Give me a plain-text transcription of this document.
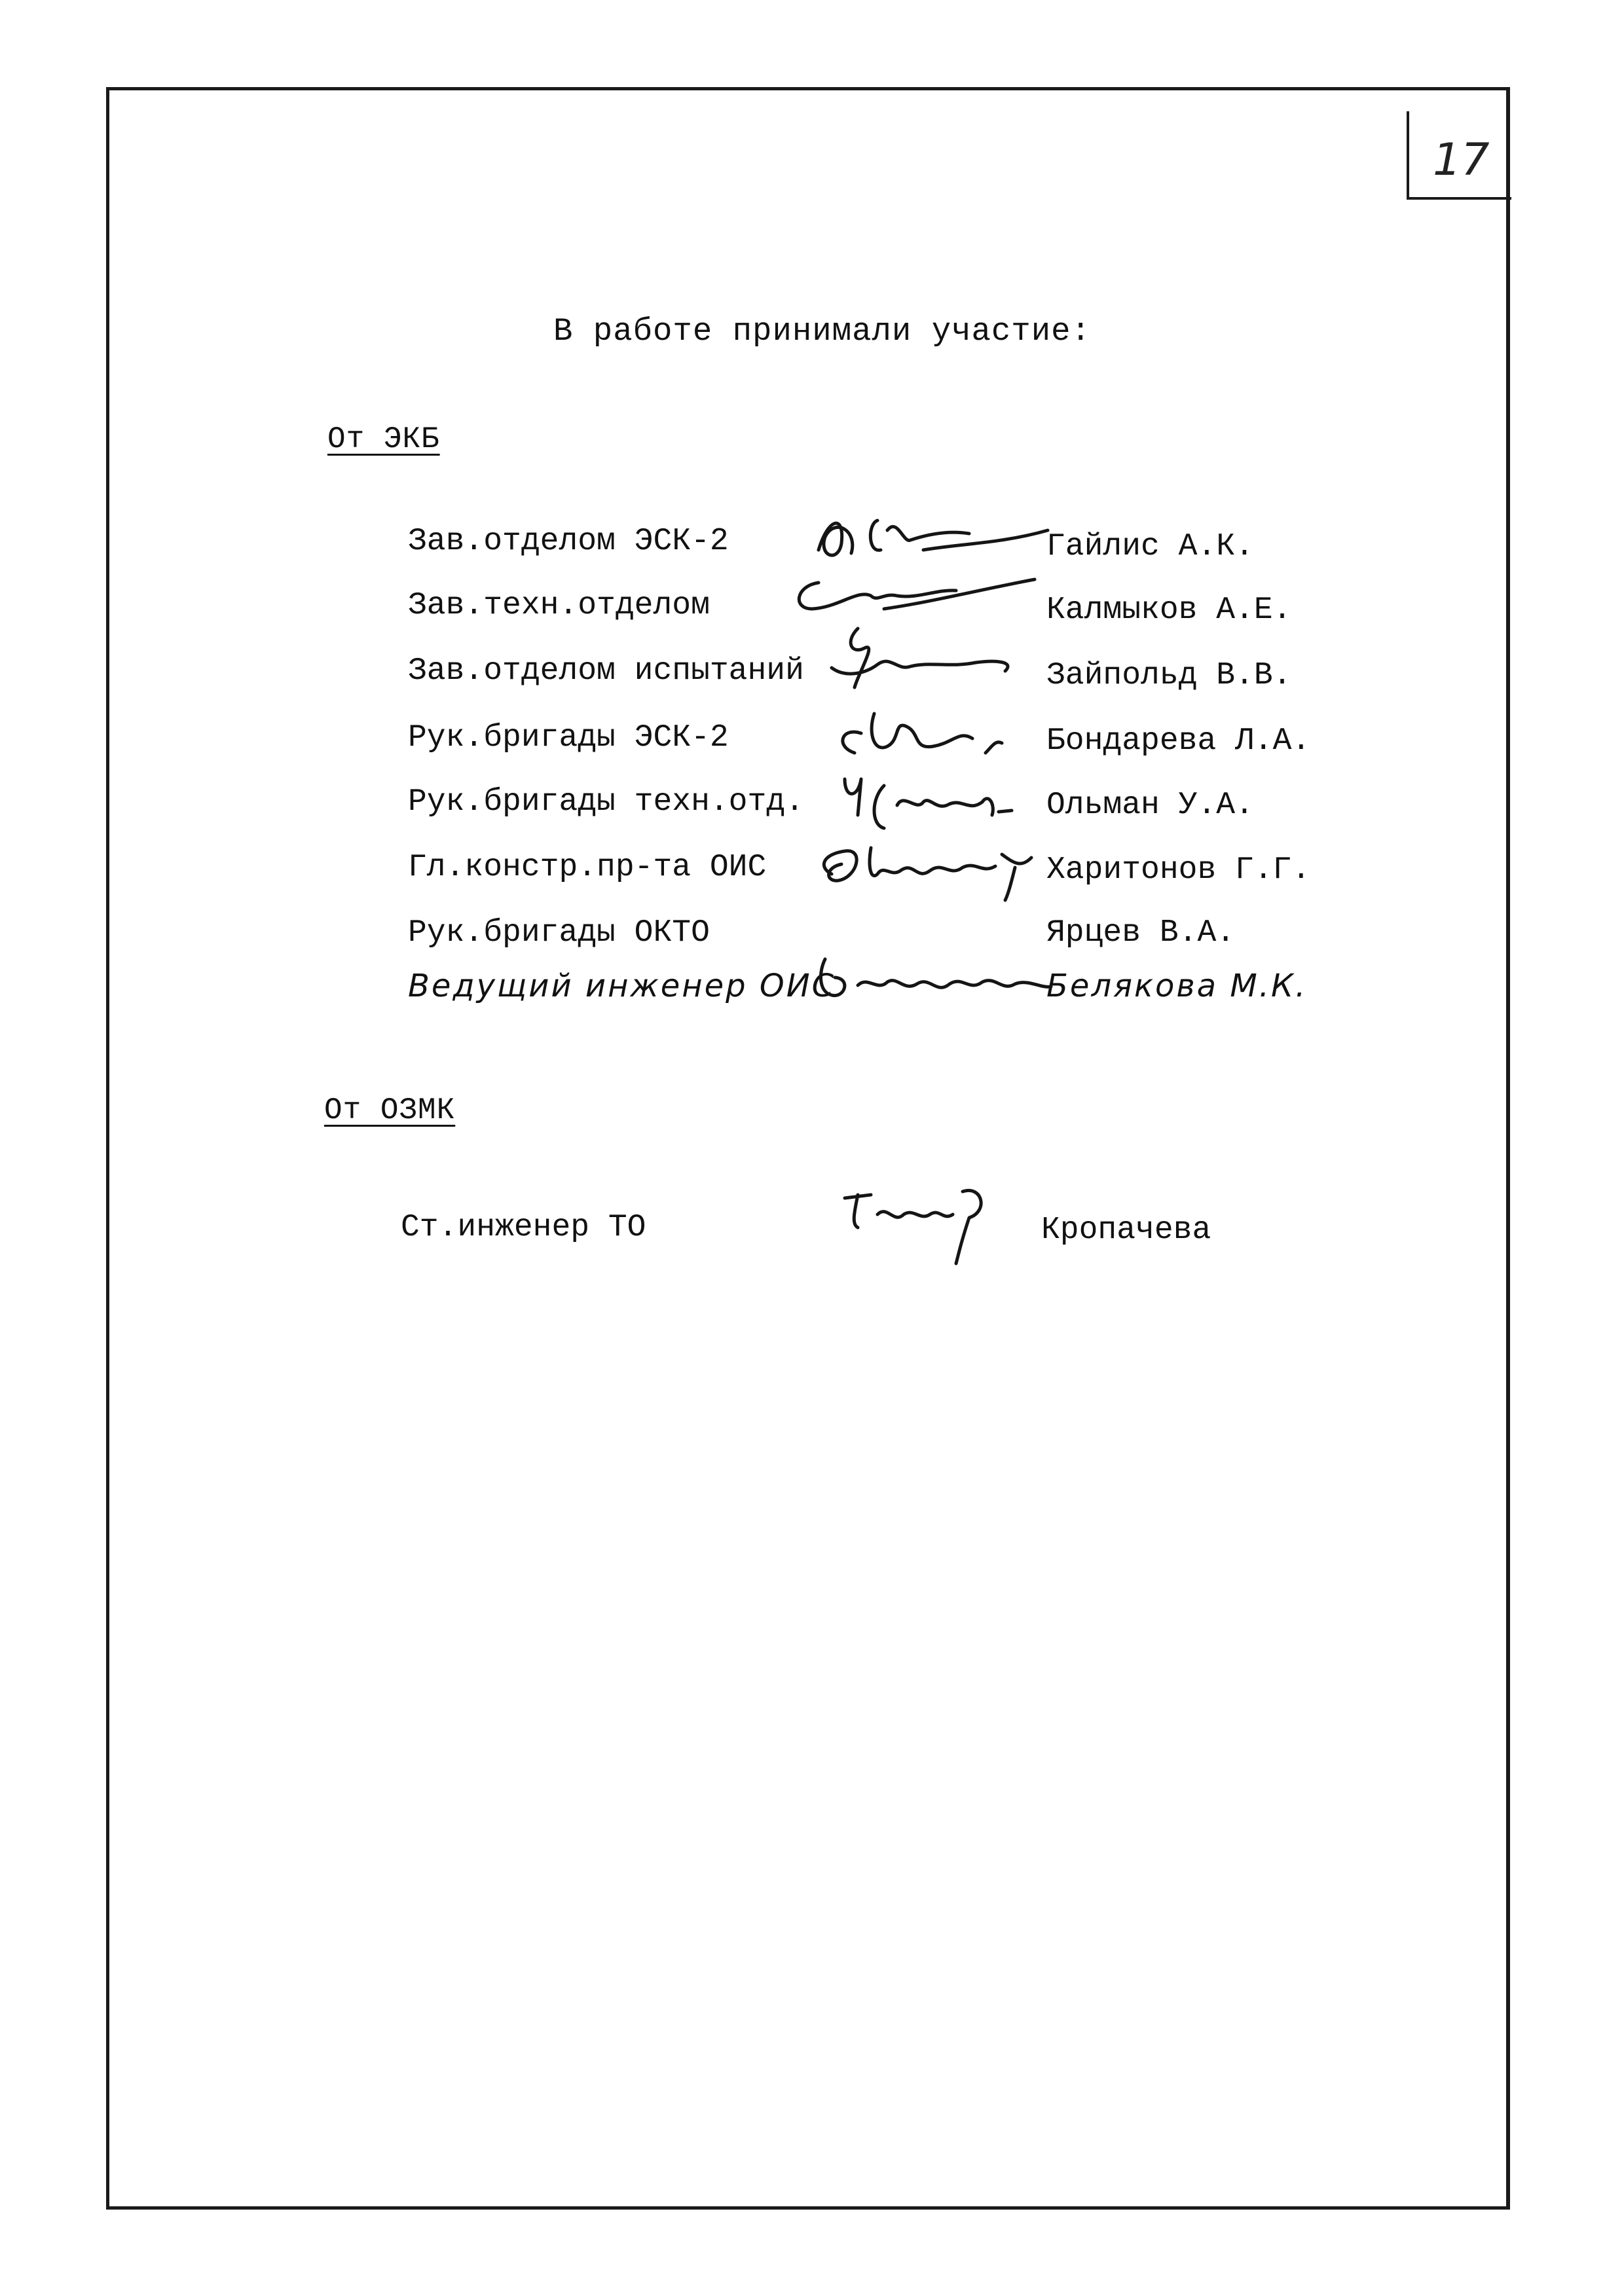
17
В работе принимали участие:
От ЭКБ
Зав.отделом ЭСК-2	Гайлис А.К.
Зав.техн.отделом	Калмыков А.Е.
Зав.отделом испытаний	Зайпольд В.В.
Рук.бригады ЭСК-2	Бондарева Л.А.
Рук.бригады техн.отд.	Ольман У.А.
Гл.констр.пр-та ОИС	Харитонов Г.Г.
Рук.бригады ОКТО	Ярцев В.А.
Ведущий инженер ОИС	Белякова М.К.
От ОЗМК
Ст.инженер ТО	Кропачева
